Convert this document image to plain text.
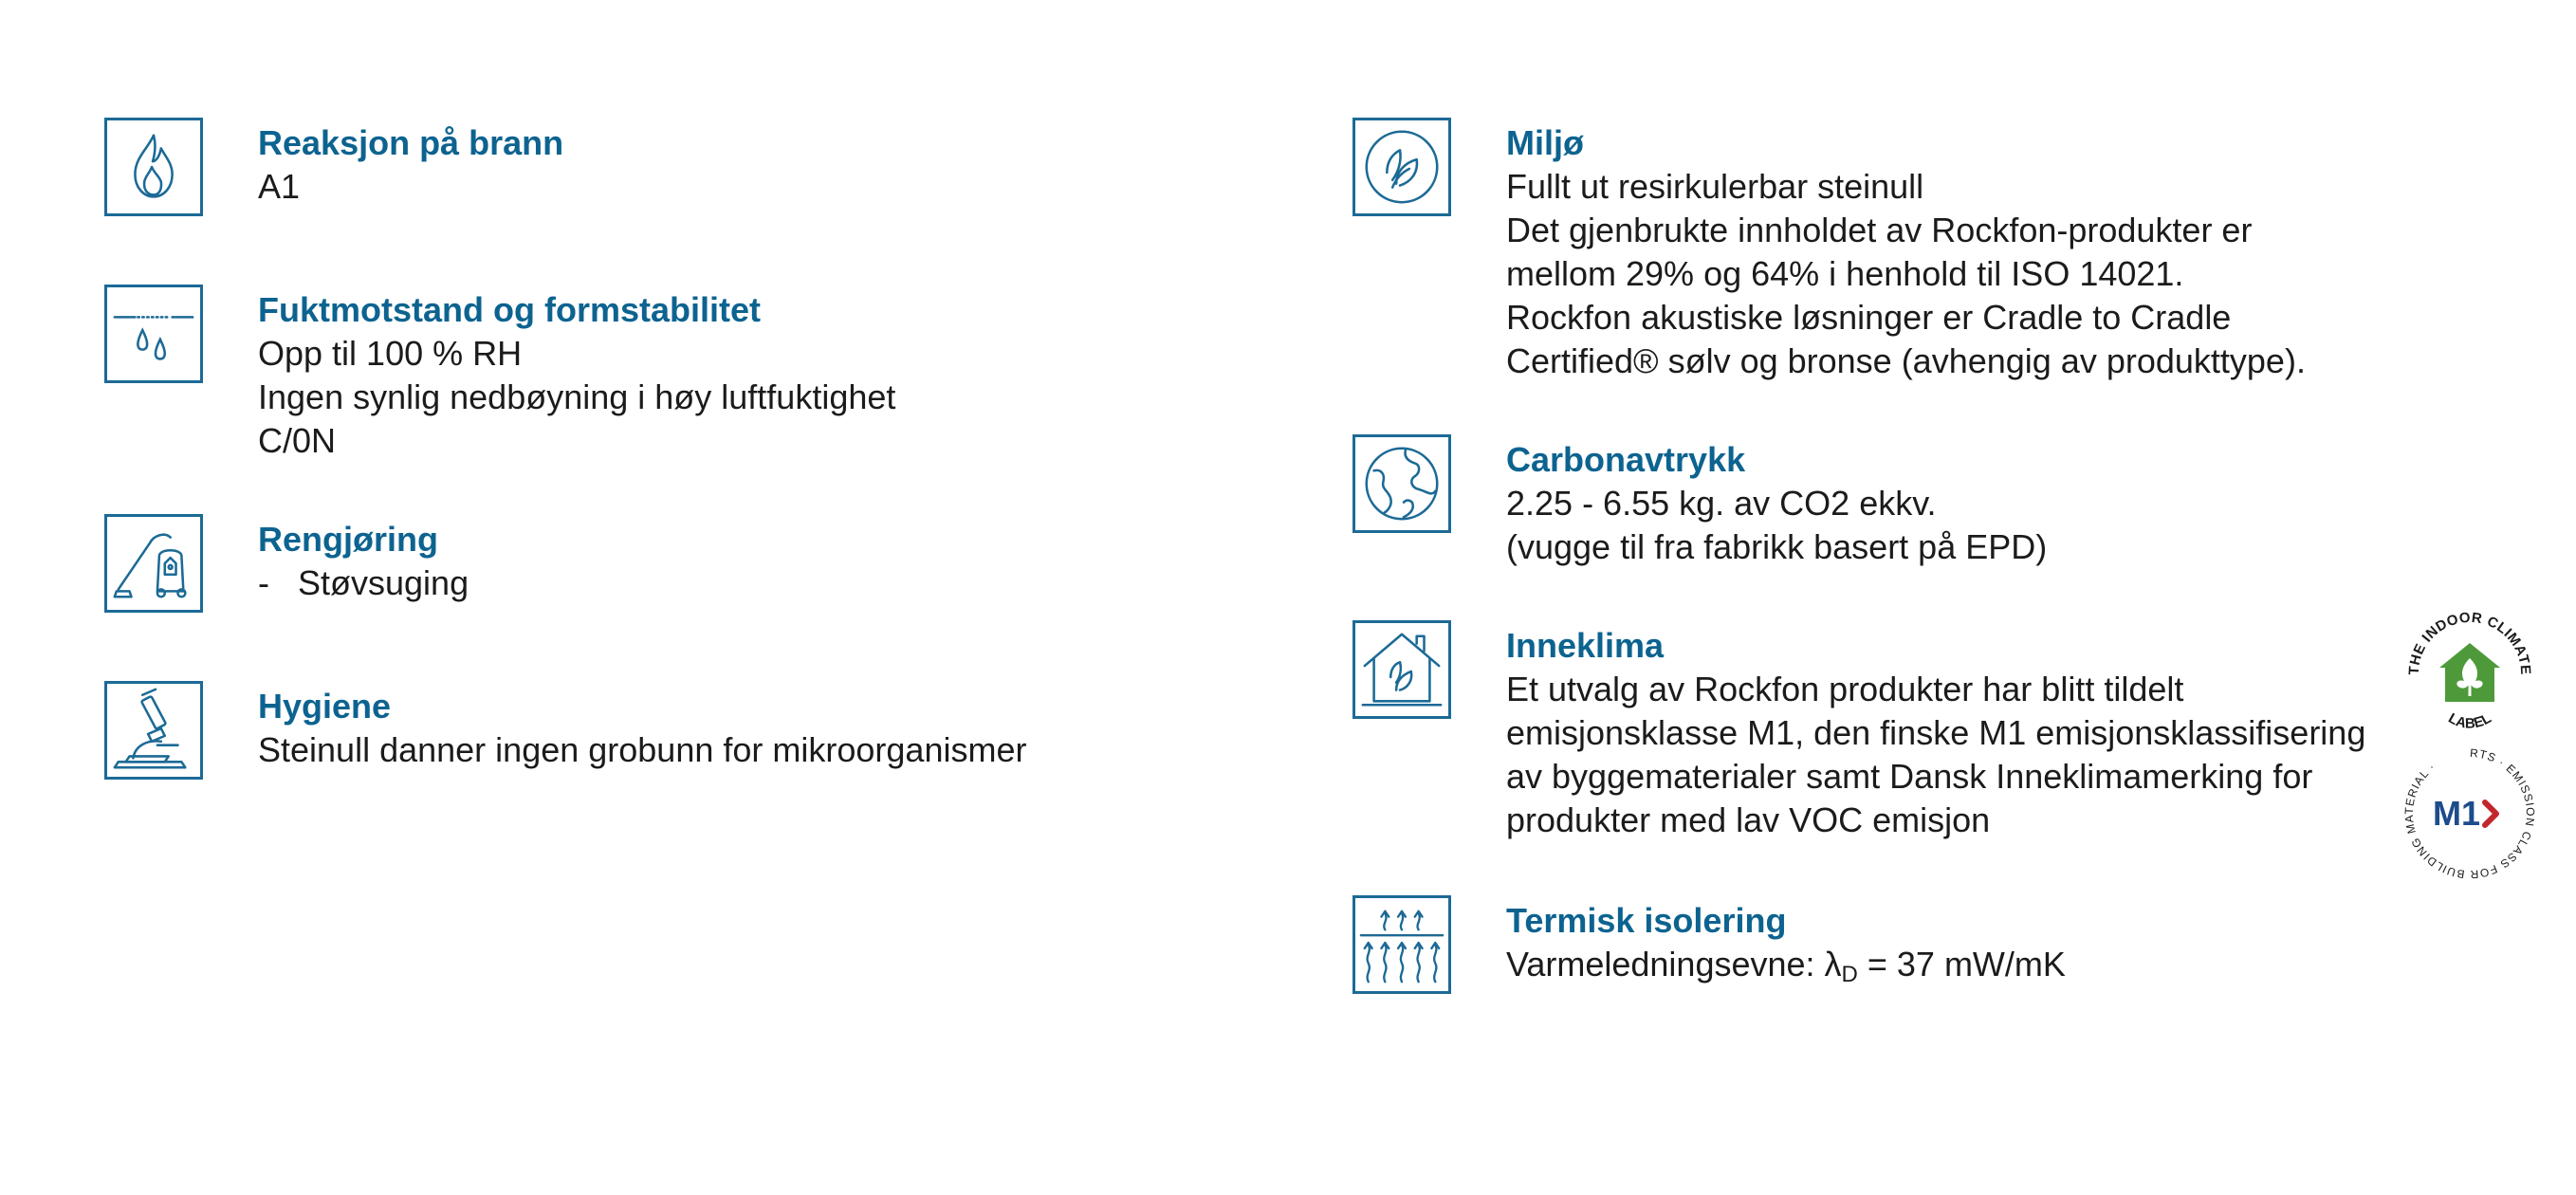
Reaksjon på brann

A1

Fuktmotstand og formstabilitet

Opp til 100 % RH

Ingen synlig nedbøyning i høy luftfuktighet

C/0N

Rengjøring

- Støvsuging

Hygiene

Steinull danner ingen grobunn for mikroorganismer

Miljø

Fullt ut resirkulerbar steinull

Det gjenbrukte innholdet av Rockfon-produkter er

mellom 29% og 64% i henhold til ISO 14021.

Rockfon akustiske løsninger er Cradle to Cradle

Certified® sølv og bronse (avhengig av produkttype).

Carbonavtrykk

2.25 - 6.55 kg. av CO2 ekkv.

(vugge til fra fabrikk basert på EPD)

Inneklima

Et utvalg av Rockfon produkter har blitt tildelt

emisjonsklasse M1, den finske M1 emisjonsklassifisering

av byggematerialer samt Dansk Inneklimamerking for

produkter med lav VOC emisjon

Termisk isolering

Varmeledningsevne: $\lambda_D = 37$ mW/mK

THE INDOOR CLIMATE
LABEL
RTS · EMISSION CLASS FOR BUILDING MATERIAL ·
M1
